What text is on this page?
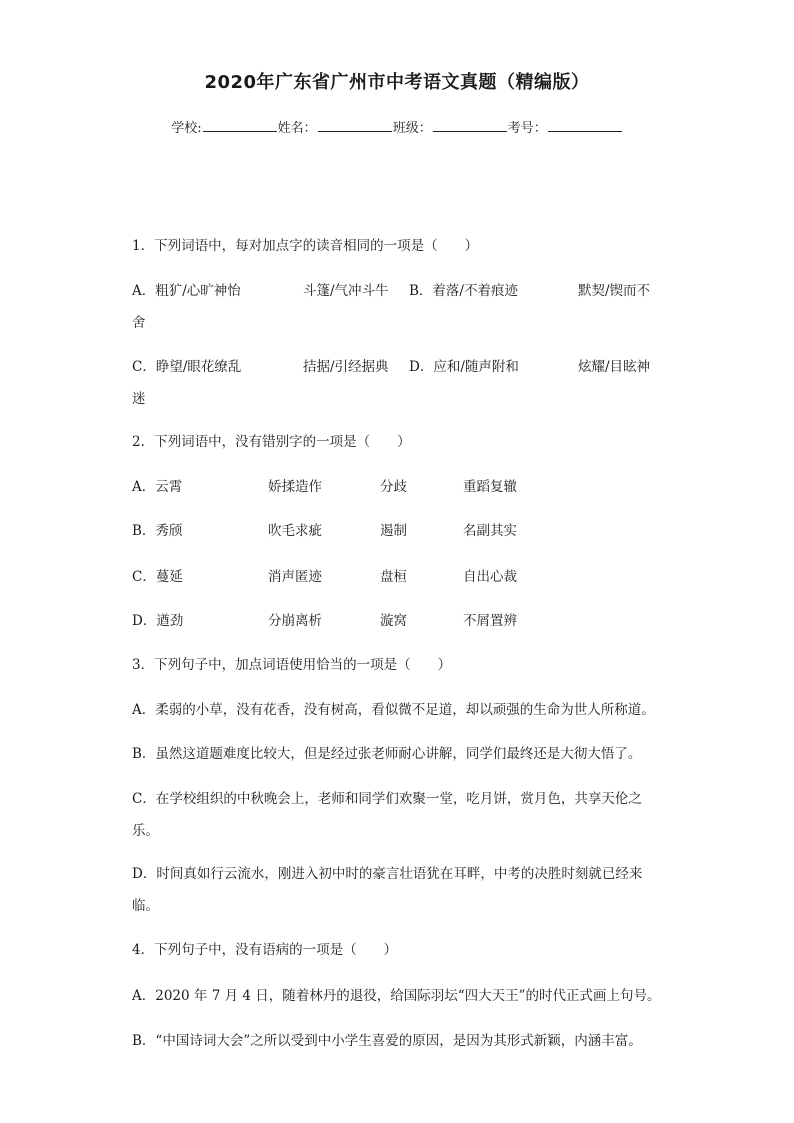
2020年广东省广州市中考语文真题（精编版）
学校:	姓名：	班级：	考号：
1．下列词语中，每对加点字的读音相同的一项是（　　）
A．粗犷/心旷神怡	斗篷/气冲斗牛 B．着落/不着痕迹	默契/锲而不
舍
C．睁望/眼花缭乱	拮据/引经据典 D．应和/随声附和	炫耀/目眩神
迷
2．下列词语中，没有错别字的一项是（　　）
A．云霄	娇揉造作	分歧	重蹈复辙
B．秀颀	吹毛求疵	遏制	名副其实
C．蔓延	消声匿迹	盘桓	自出心裁
D．遒劲	分崩离析	漩窝	不屑置辨
3．下列句子中，加点词语使用恰当的一项是（　　）
A．柔弱的小草，没有花香，没有树高，看似微不足道，却以顽强的生命为世人所称道。
B．虽然这道题难度比较大，但是经过张老师耐心讲解，同学们最终还是大彻大悟了。
C．在学校组织的中秋晚会上，老师和同学们欢聚一堂，吃月饼，赏月色，共享天伦之
乐。
D．时间真如行云流水，刚进入初中时的豪言壮语犹在耳畔，中考的决胜时刻就已经来
临。
4．下列句子中，没有语病的一项是（　　）
A．2020 年 7 月 4 日，随着林丹的退役，给国际羽坛“四大天王”的时代正式画上句号。
B．“中国诗词大会”之所以受到中小学生喜爱的原因，是因为其形式新颖，内涵丰富。
